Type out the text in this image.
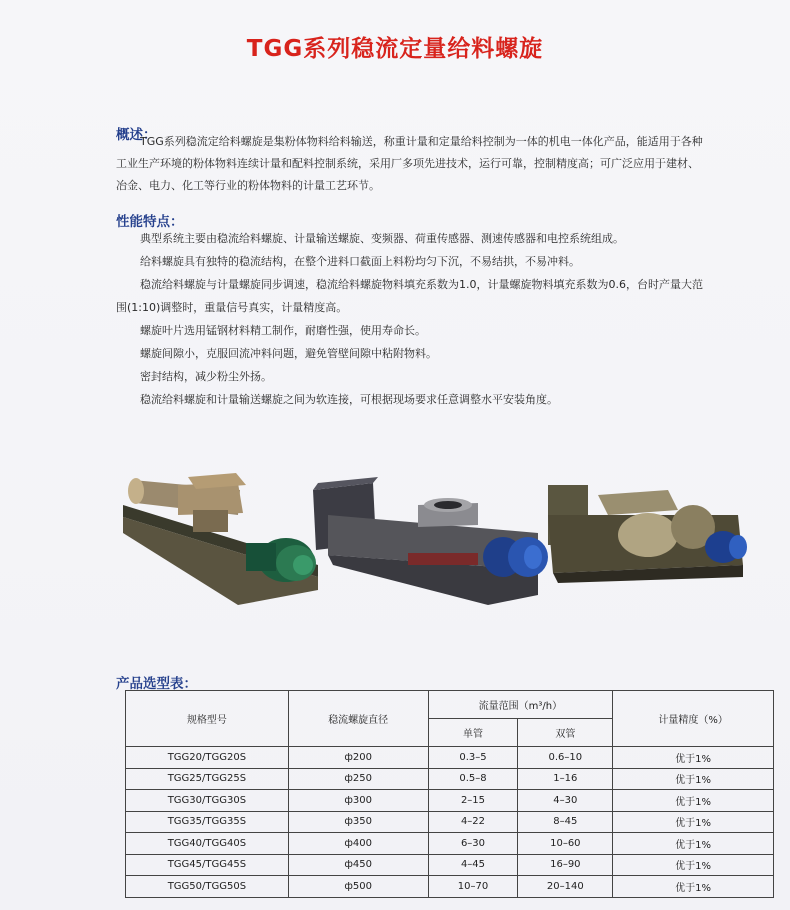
TGG系列稳流定量给料螺旋
概述：
TGG系列稳流定给料螺旋是集粉体物料给料输送，称重计量和定量给料控制为一体的机电一体化产品，能适用于各种
工业生产环境的粉体物料连续计量和配料控制系统，采用厂多项先进技术，运行可靠，控制精度高；可广泛应用于建材、
冶金、电力、化工等行业的粉体物料的计量工艺环节。
性能特点：
典型系统主要由稳流给料螺旋、计量输送螺旋、变频器、荷重传感器、测速传感器和电控系统组成。
给料螺旋具有独特的稳流结构，在整个进料口截面上料粉均匀下沉，不易结拱，不易冲料。
稳流给料螺旋与计量螺旋同步调速，稳流给料螺旋物料填充系数为1.0，计量螺旋物料填充系数为0.6，台时产量大范
围(1:10)调整时，重量信号真实，计量精度高。
螺旋叶片选用锰钢材料精工制作，耐磨性强，使用寿命长。
螺旋间隙小，克服回流冲料问题，避免管壁间隙中粘附物料。
密封结构，减少粉尘外扬。
稳流给料螺旋和计量输送螺旋之间为软连接，可根据现场要求任意调整水平安装角度。
产品选型表：
规格型号	稳流螺旋直径	流量范围（m³/h）		计量精度（%）
		单管	双管	
TGG20/TGG20S	ф200	0.3–5	0.6–10	优于1%
TGG25/TGG25S	ф250	0.5–8	1–16	优于1%
TGG30/TGG30S	ф300	2–15	4–30	优于1%
TGG35/TGG35S	ф350	4–22	8–45	优于1%
TGG40/TGG40S	ф400	6–30	10–60	优于1%
TGG45/TGG45S	ф450	4–45	16–90	优于1%
TGG50/TGG50S	ф500	10–70	20–140	优于1%
